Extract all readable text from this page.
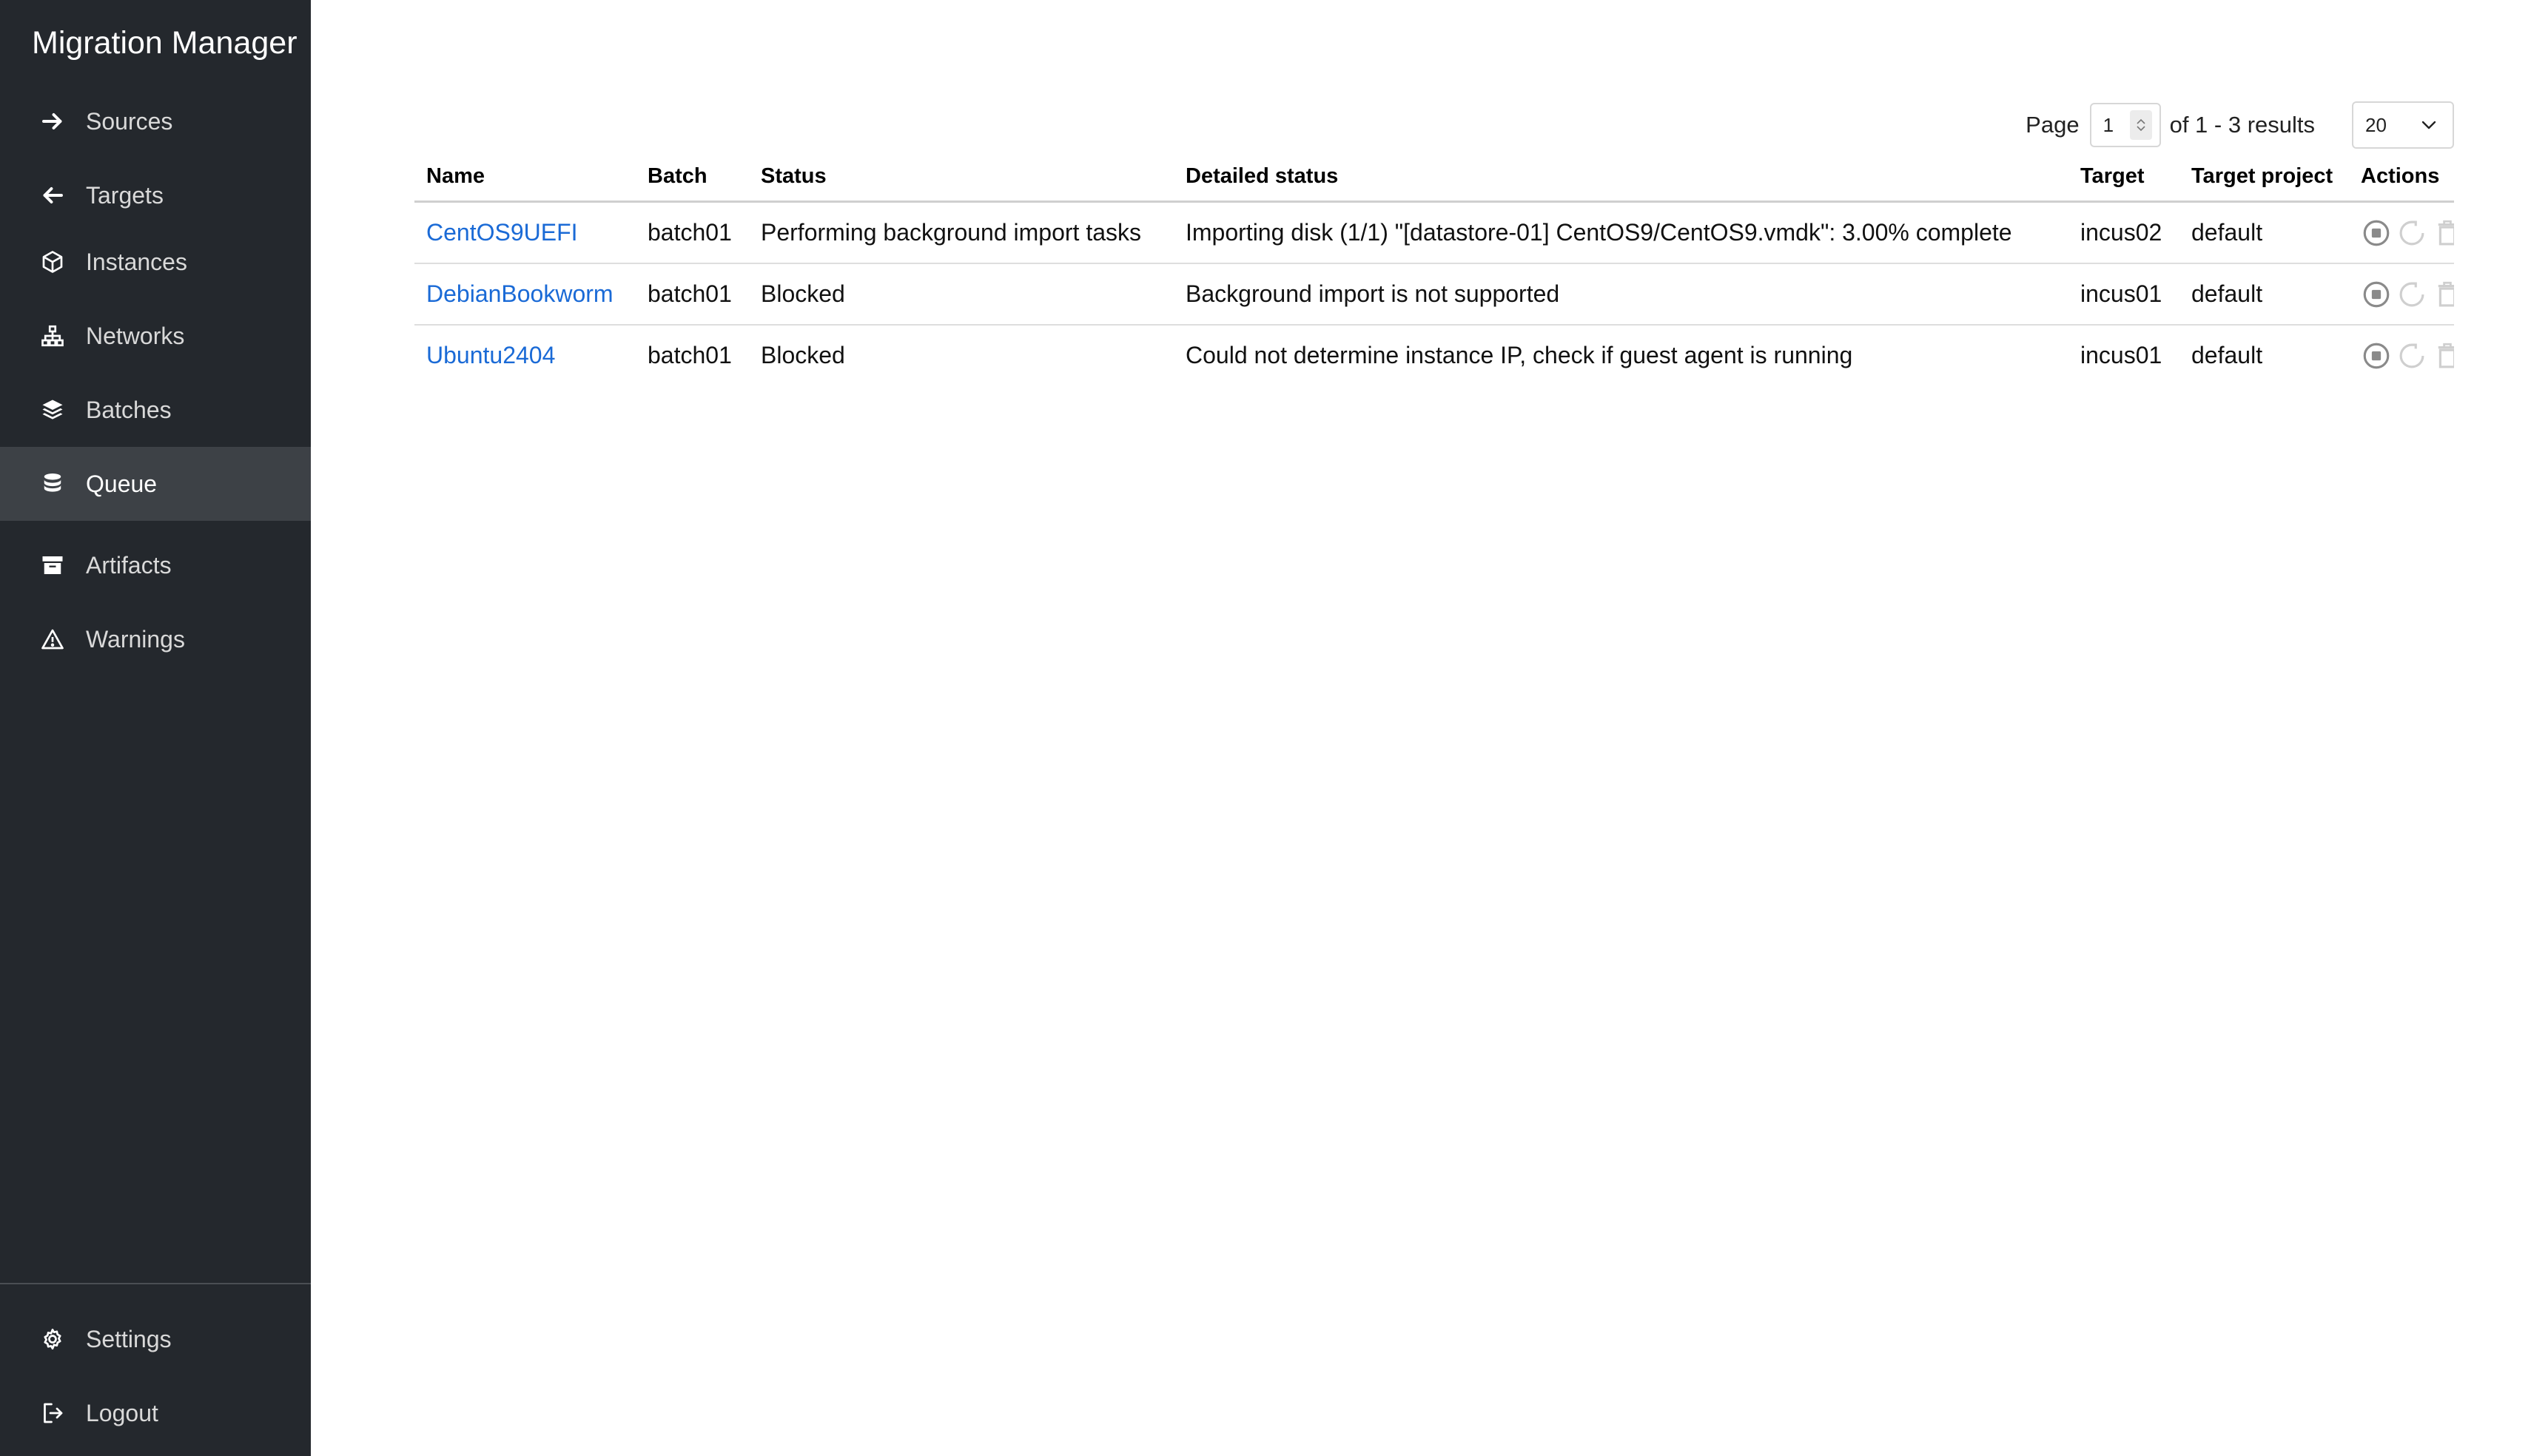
Migration Manager
Sources
Targets
Instances
Networks
Batches
Queue
Artifacts
Warnings
Settings
Logout
Page 1 of 1 - 3 results	20
Name	Batch	Status	Detailed status	Target	Target project	Actions
CentOS9UEFI	batch01	Performing background import tasks	Importing disk (1/1) "[datastore-01] CentOS9/CentOS9.vmdk": 3.00% complete	incus02	default	

DebianBookworm	batch01	Blocked	Background import is not supported	incus01	default	

Ubuntu2404	batch01	Blocked	Could not determine instance IP, check if guest agent is running	incus01	default	
